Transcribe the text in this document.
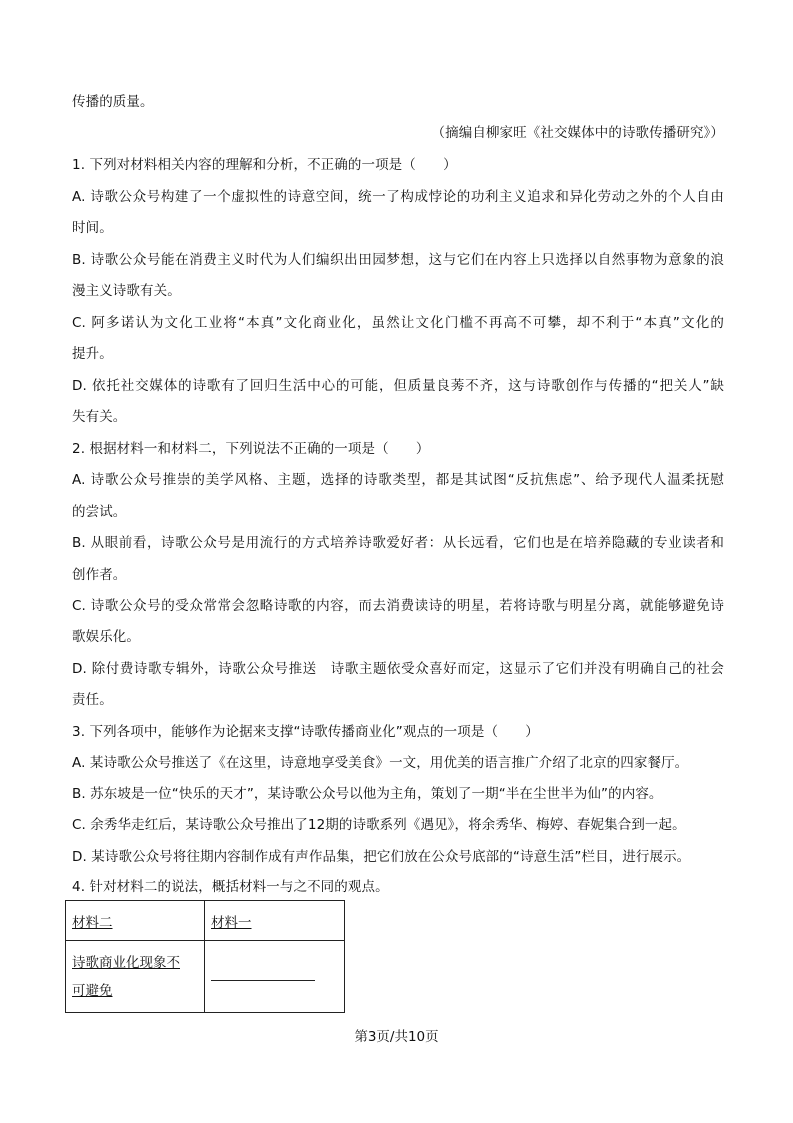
传播的质量。
（摘编自柳家旺《社交媒体中的诗歌传播研究》）
1. 下列对材料相关内容的理解和分析，不正确的一项是（　　）
A. 诗歌公众号构建了一个虚拟性的诗意空间，统一了构成悖论的功利主义追求和异化劳动之外的个人自由
时间。
B. 诗歌公众号能在消费主义时代为人们编织出田园梦想，这与它们在内容上只选择以自然事物为意象的浪
漫主义诗歌有关。
C. 阿多诺认为文化工业将“本真”文化商业化，虽然让文化门槛不再高不可攀，却不利于“本真”文化的
提升。
D. 依托社交媒体的诗歌有了回归生活中心的可能，但质量良莠不齐，这与诗歌创作与传播的“把关人”缺
失有关。
2. 根据材料一和材料二，下列说法不正确的一项是（　　）
A. 诗歌公众号推崇的美学风格、主题，选择的诗歌类型，都是其试图“反抗焦虑”、给予现代人温柔抚慰
的尝试。
B. 从眼前看，诗歌公众号是用流行的方式培养诗歌爱好者：从长远看，它们也是在培养隐藏的专业读者和
创作者。
C. 诗歌公众号的受众常常会忽略诗歌的内容，而去消费读诗的明星，若将诗歌与明星分离，就能够避免诗
歌娱乐化。
D. 除付费诗歌专辑外，诗歌公众号推送　诗歌主题依受众喜好而定，这显示了它们并没有明确自己的社会
责任。
3. 下列各项中，能够作为论据来支撑“诗歌传播商业化”观点的一项是（　　）
A. 某诗歌公众号推送了《在这里，诗意地享受美食》一文，用优美的语言推广介绍了北京的四家餐厅。
B. 苏东坡是一位“快乐的天才”，某诗歌公众号以他为主角，策划了一期“半在尘世半为仙”的内容。
C. 余秀华走红后，某诗歌公众号推出了12期的诗歌系列《遇见》，将余秀华、梅婷、春妮集合到一起。
D. 某诗歌公众号将往期内容制作成有声作品集，把它们放在公众号底部的“诗意生活”栏目，进行展示。
4. 针对材料二的说法，概括材料一与之不同的观点。
材料二	材料一
诗歌商业化现象不
可避免	
第3页/共10页
